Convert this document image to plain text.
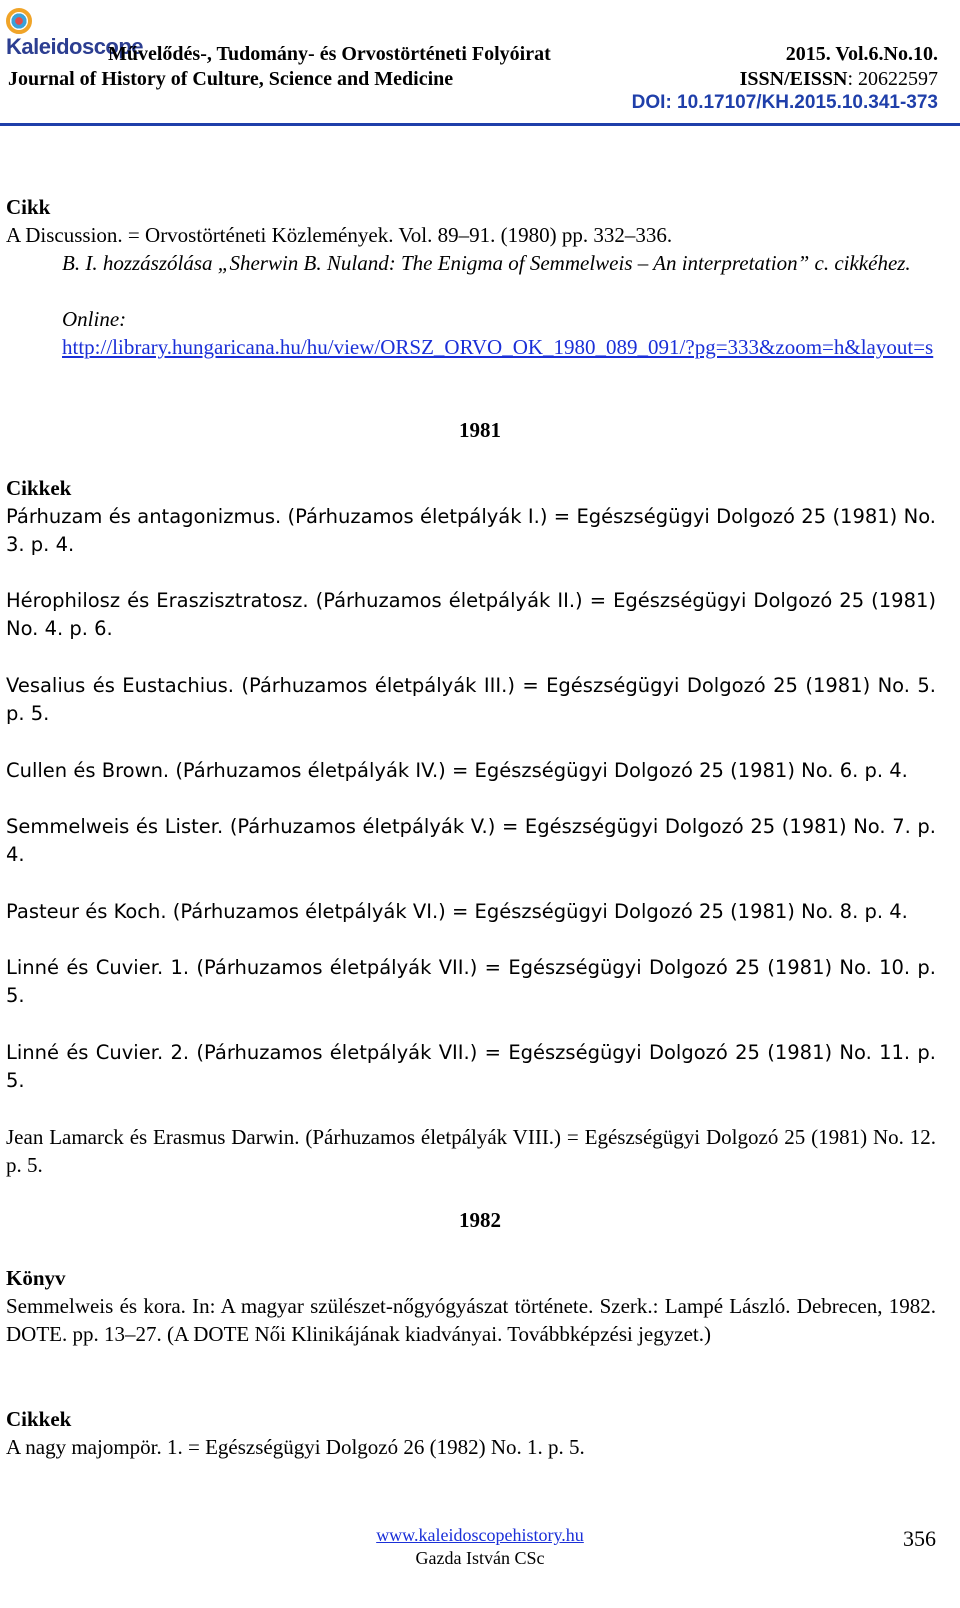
Kaleidoscope
Művelődés-, Tudomány- és Orvostörténeti Folyóirat
Journal of History of Culture, Science and Medicine
2015. Vol.6.No.10.
ISSN/EISSN: 20622597
DOI: 10.17107/KH.2015.10.341-373
Cikk
A Discussion. = Orvostörténeti Közlemények. Vol. 89–91. (1980) pp. 332–336.
B. I. hozzászólása „Sherwin B. Nuland: The Enigma of Semmelweis – An interpretation” c. cikkéhez.
Online:
http://library.hungaricana.hu/hu/view/ORSZ_ORVO_OK_1980_089_091/?pg=333&zoom=h&layout=s
1981
Cikkek
Párhuzam és antagonizmus. (Párhuzamos életpályák I.) = Egészségügyi Dolgozó 25 (1981) No. 3. p. 4.
Hérophilosz és Eraszisztratosz. (Párhuzamos életpályák II.) = Egészségügyi Dolgozó 25 (1981) No. 4. p. 6.
Vesalius és Eustachius. (Párhuzamos életpályák III.) = Egészségügyi Dolgozó 25 (1981) No. 5. p. 5.
Cullen és Brown. (Párhuzamos életpályák IV.) = Egészségügyi Dolgozó 25 (1981) No. 6. p. 4.
Semmelweis és Lister. (Párhuzamos életpályák V.) = Egészségügyi Dolgozó 25 (1981) No. 7. p. 4.
Pasteur és Koch. (Párhuzamos életpályák VI.) = Egészségügyi Dolgozó 25 (1981) No. 8. p. 4.
Linné és Cuvier. 1. (Párhuzamos életpályák VII.) = Egészségügyi Dolgozó 25 (1981) No. 10. p. 5.
Linné és Cuvier. 2. (Párhuzamos életpályák VII.) = Egészségügyi Dolgozó 25 (1981) No. 11. p. 5.
Jean Lamarck és Erasmus Darwin. (Párhuzamos életpályák VIII.) = Egészségügyi Dolgozó 25 (1981) No. 12. p. 5.
1982
Könyv
Semmelweis és kora. In: A magyar szülészet-nőgyógyászat története. Szerk.: Lampé László. Debrecen, 1982. DOTE. pp. 13–27. (A DOTE Női Klinikájának kiadványai. Továbbképzési jegyzet.)
Cikkek
A nagy majompör. 1. = Egészségügyi Dolgozó 26 (1982) No. 1. p. 5.
www.kaleidoscopehistory.hu
Gazda István CSc
356
